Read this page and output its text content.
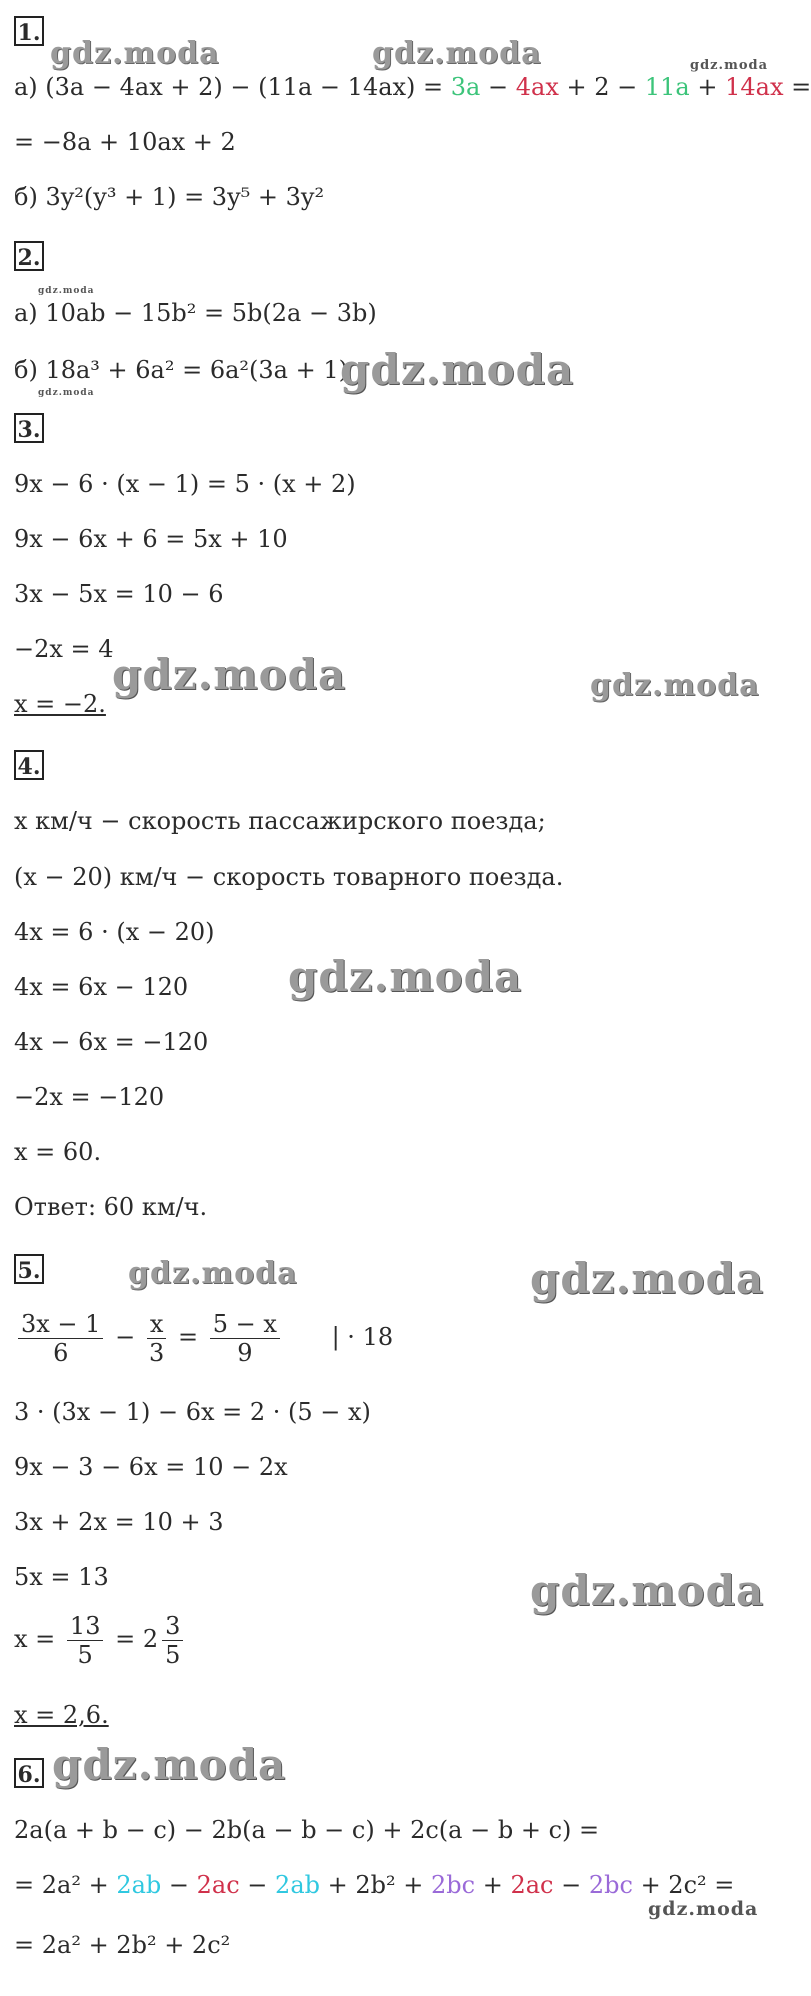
1.
а) (3a − 4ax + 2) − (11a − 14ax) = 3a − 4ax + 2 − 11a + 14ax =
= −8a + 10ax + 2
б) 3y²(y³ + 1) = 3y⁵ + 3y²
2.
а) 10ab − 15b² = 5b(2a − 3b)
б) 18a³ + 6a² = 6a²(3a + 1)
3.
9x − 6 · (x − 1) = 5 · (x + 2)
9x − 6x + 6 = 5x + 10
3x − 5x = 10 − 6
−2x = 4
x = −2.
4.
x км/ч − скорость пассажирского поезда;
(x − 20) км/ч − скорость товарного поезда.
4x = 6 · (x − 20)
4x = 6x − 120
4x − 6x = −120
−2x = −120
x = 60.
Ответ: 60 км/ч.
5.
$\frac{3x - 1}{6} - \frac{x}{3} = \frac{5 - x}{9}$ | · 18
3 · (3x − 1) − 6x = 2 · (5 − x)
9x − 3 − 6x = 10 − 2x
3x + 2x = 10 + 3
5x = 13
$x = \frac{13}{5} = 2 \frac{3}{5}$
x = 2,6.
6.
2a(a + b − c) − 2b(a − b − c) + 2c(a − b + c) =
= 2a² + 2ab − 2ac − 2ab + 2b² + 2bc + 2ac − 2bc + 2c² =
= 2a² + 2b² + 2c²
gdz.moda	gdz.moda	gdz.moda
gdz.moda
gdz.moda	gdz.moda
gdz.moda	gdz.moda
gdz.moda
gdz.moda	gdz.moda
gdz.moda
gdz.moda
gdz.moda
